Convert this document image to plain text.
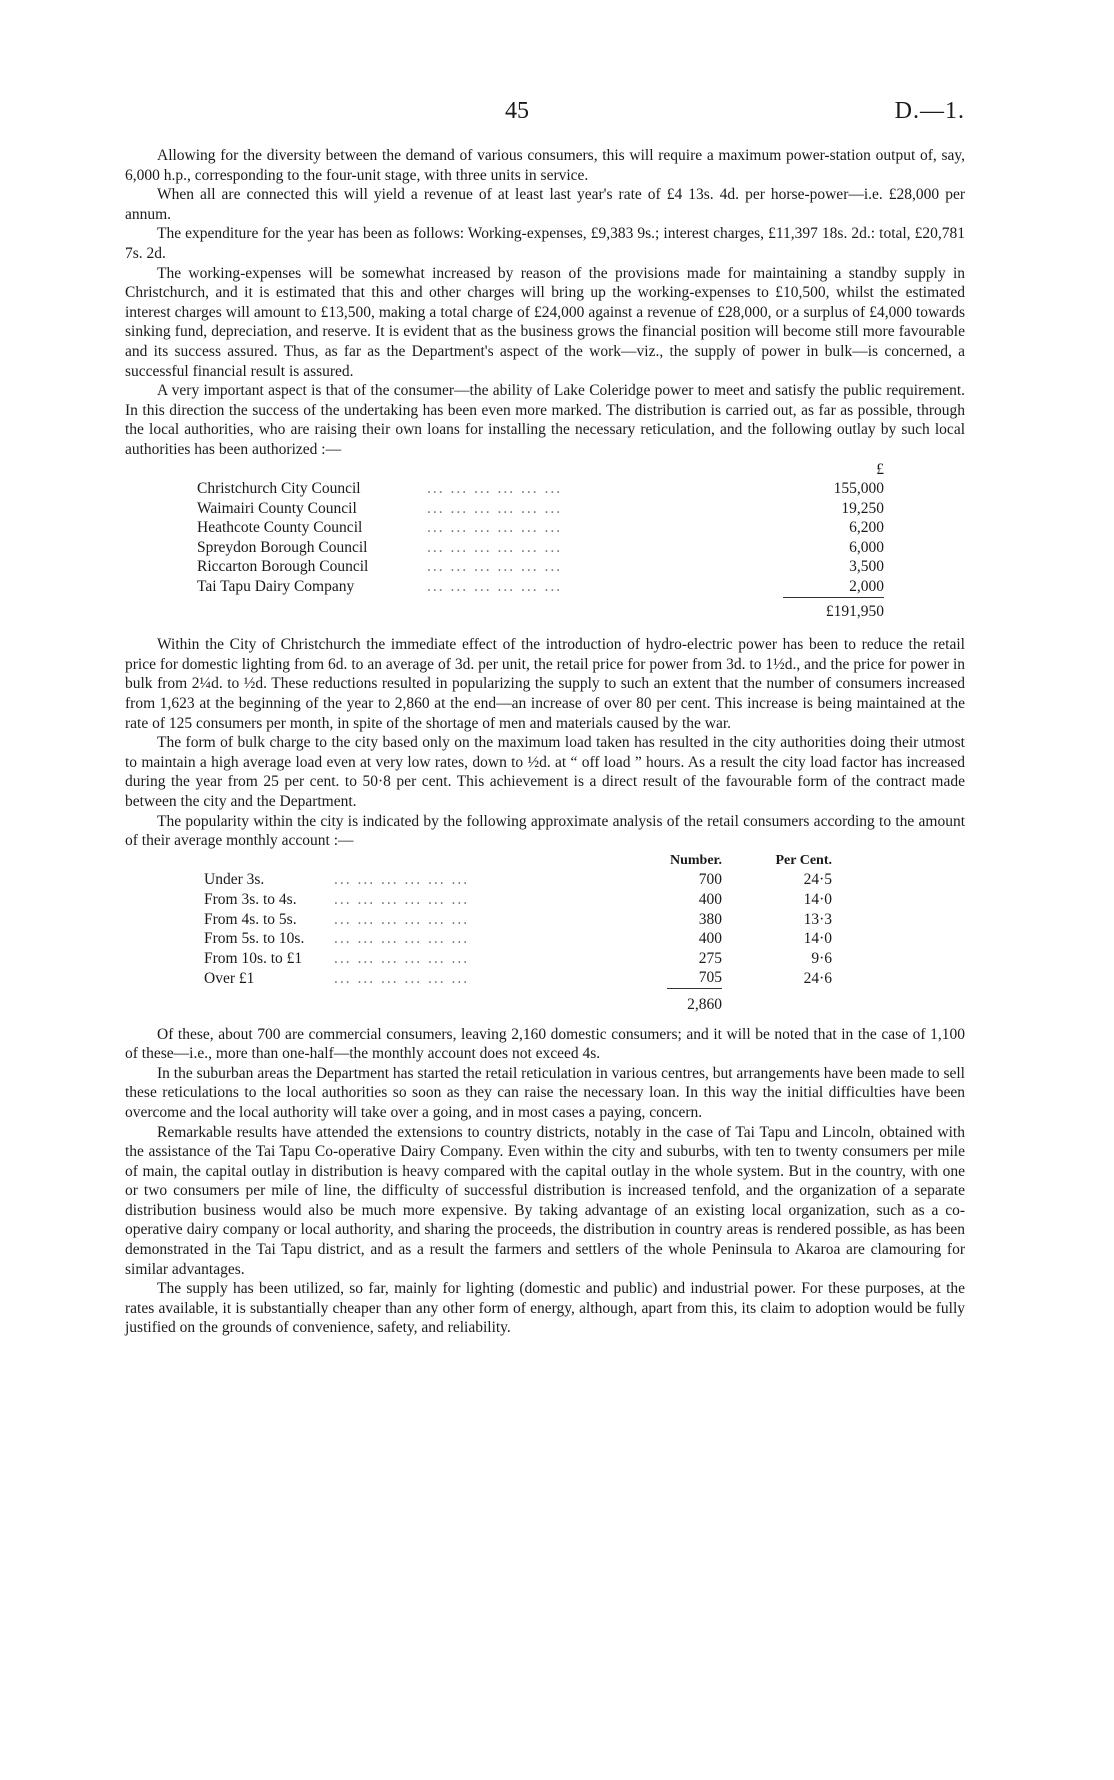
45	D.—1.

Allowing for the diversity between the demand of various consumers, this will require a maximum power-station output of, say, 6,000 h.p., corresponding to the four-unit stage, with three units in service.

When all are connected this will yield a revenue of at least last year's rate of £4 13s. 4d. per horse-power—i.e. £28,000 per annum.

The expenditure for the year has been as follows: Working-expenses, £9,383 9s.; interest charges, £11,397 18s. 2d.: total, £20,781 7s. 2d.

The working-expenses will be somewhat increased by reason of the provisions made for maintaining a standby supply in Christchurch, and it is estimated that this and other charges will bring up the working-expenses to £10,500, whilst the estimated interest charges will amount to £13,500, making a total charge of £24,000 against a revenue of £28,000, or a surplus of £4,000 towards sinking fund, depreciation, and reserve. It is evident that as the business grows the financial position will become still more favourable and its success assured. Thus, as far as the Department's aspect of the work—viz., the supply of power in bulk—is concerned, a successful financial result is assured.

A very important aspect is that of the consumer—the ability of Lake Coleridge power to meet and satisfy the public requirement. In this direction the success of the undertaking has been even more marked. The distribution is carried out, as far as possible, through the local authorities, who are raising their own loans for installing the necessary reticulation, and the following outlay by such local authorities has been authorized :—

		£
Christchurch City Council	... ... ... ... ... ...	155,000
Waimairi County Council	... ... ... ... ... ...	19,250
Heathcote County Council	... ... ... ... ... ...	6,200
Spreydon Borough Council	... ... ... ... ... ...	6,000
Riccarton Borough Council	... ... ... ... ... ...	3,500
Tai Tapu Dairy Company	... ... ... ... ... ...	2,000
		£191,950

Within the City of Christchurch the immediate effect of the introduction of hydro-electric power has been to reduce the retail price for domestic lighting from 6d. to an average of 3d. per unit, the retail price for power from 3d. to 1½d., and the price for power in bulk from 2¼d. to ½d. These reductions resulted in popularizing the supply to such an extent that the number of consumers increased from 1,623 at the beginning of the year to 2,860 at the end—an increase of over 80 per cent. This increase is being maintained at the rate of 125 consumers per month, in spite of the shortage of men and materials caused by the war.

The form of bulk charge to the city based only on the maximum load taken has resulted in the city authorities doing their utmost to maintain a high average load even at very low rates, down to ½d. at “ off load ” hours. As a result the city load factor has increased during the year from 25 per cent. to 50·8 per cent. This achievement is a direct result of the favourable form of the contract made between the city and the Department.

The popularity within the city is indicated by the following approximate analysis of the retail consumers according to the amount of their average monthly account :—

		Number.	Per Cent.
Under 3s.	... ... ... ... ... ...	700	24·5
From 3s. to 4s.	... ... ... ... ... ...	400	14·0
From 4s. to 5s.	... ... ... ... ... ...	380	13·3
From 5s. to 10s.	... ... ... ... ... ...	400	14·0
From 10s. to £1	... ... ... ... ... ...	275	9·6
Over £1	... ... ... ... ... ...	705	24·6
		2,860	

Of these, about 700 are commercial consumers, leaving 2,160 domestic consumers; and it will be noted that in the case of 1,100 of these—i.e., more than one-half—the monthly account does not exceed 4s.

In the suburban areas the Department has started the retail reticulation in various centres, but arrangements have been made to sell these reticulations to the local authorities so soon as they can raise the necessary loan. In this way the initial difficulties have been overcome and the local authority will take over a going, and in most cases a paying, concern.

Remarkable results have attended the extensions to country districts, notably in the case of Tai Tapu and Lincoln, obtained with the assistance of the Tai Tapu Co-operative Dairy Company. Even within the city and suburbs, with ten to twenty consumers per mile of main, the capital outlay in distribution is heavy compared with the capital outlay in the whole system. But in the country, with one or two consumers per mile of line, the difficulty of successful distribution is increased tenfold, and the organization of a separate distribution business would also be much more expensive. By taking advantage of an existing local organization, such as a co-operative dairy company or local authority, and sharing the proceeds, the distribution in country areas is rendered possible, as has been demonstrated in the Tai Tapu district, and as a result the farmers and settlers of the whole Peninsula to Akaroa are clamouring for similar advantages.

The supply has been utilized, so far, mainly for lighting (domestic and public) and industrial power. For these purposes, at the rates available, it is substantially cheaper than any other form of energy, although, apart from this, its claim to adoption would be fully justified on the grounds of convenience, safety, and reliability.
